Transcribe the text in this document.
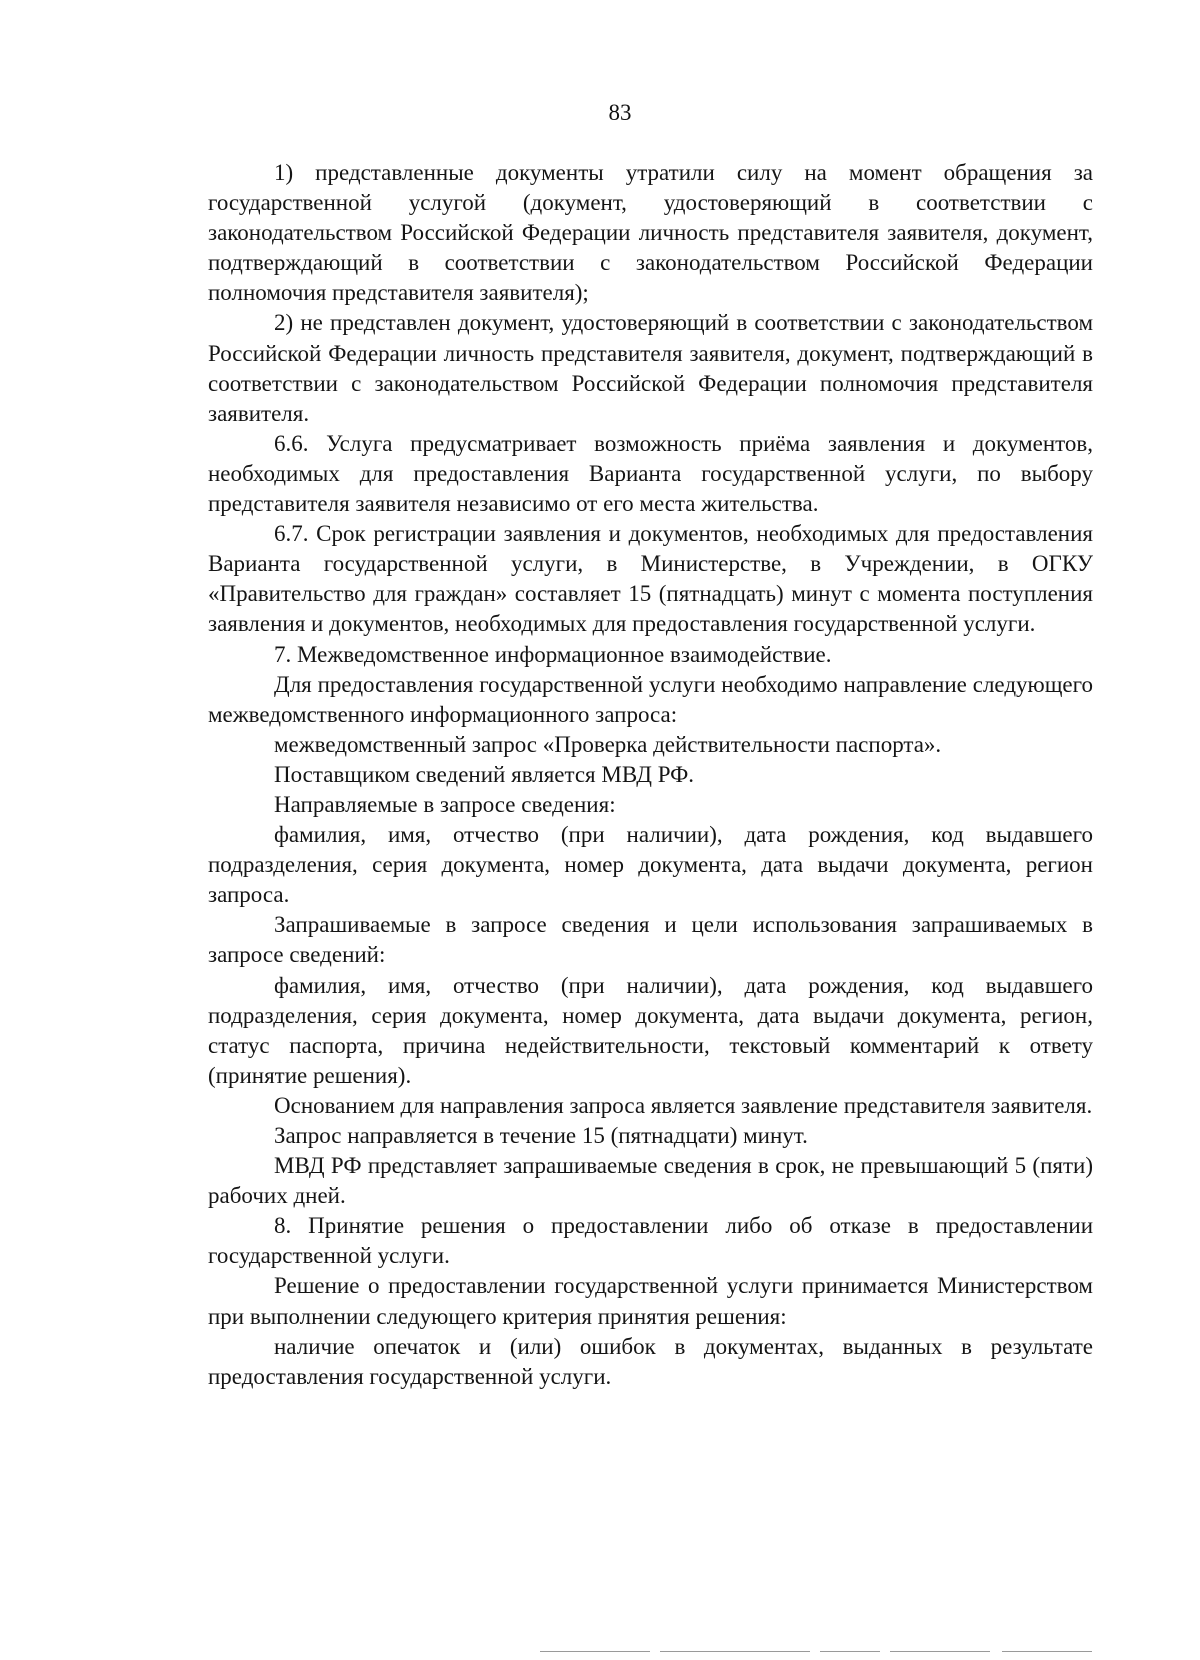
83

1) представленные документы утратили силу на момент обращения за государственной услугой (документ, удостоверяющий в соответствии с законодательством Российской Федерации личность представителя заявителя, документ, подтверждающий в соответствии с законодательством Российской Федерации полномочия представителя заявителя);

2) не представлен документ, удостоверяющий в соответствии с законодательством Российской Федерации личность представителя заявителя, документ, подтверждающий в соответствии с законодательством Российской Федерации полномочия представителя заявителя.

6.6. Услуга предусматривает возможность приёма заявления и документов, необходимых для предоставления Варианта государственной услуги, по выбору представителя заявителя независимо от его места жительства.

6.7. Срок регистрации заявления и документов, необходимых для предоставления Варианта государственной услуги, в Министерстве, в Учреждении, в ОГКУ «Правительство для граждан» составляет 15 (пятнадцать) минут с момента поступления заявления и документов, необходимых для предоставления государственной услуги.

7. Межведомственное информационное взаимодействие.

Для предоставления государственной услуги необходимо направление следующего межведомственного информационного запроса:

межведомственный запрос «Проверка действительности паспорта».

Поставщиком сведений является МВД РФ.

Направляемые в запросе сведения:

фамилия, имя, отчество (при наличии), дата рождения, код выдавшего подразделения, серия документа, номер документа, дата выдачи документа, регион запроса.

Запрашиваемые в запросе сведения и цели использования запрашиваемых в запросе сведений:

фамилия, имя, отчество (при наличии), дата рождения, код выдавшего подразделения, серия документа, номер документа, дата выдачи документа, регион, статус паспорта, причина недействительности, текстовый комментарий к ответу (принятие решения).

Основанием для направления запроса является заявление представителя заявителя.

Запрос направляется в течение 15 (пятнадцати) минут.

МВД РФ представляет запрашиваемые сведения в срок, не превышающий 5 (пяти) рабочих дней.

8. Принятие решения о предоставлении либо об отказе в предоставлении государственной услуги.

Решение о предоставлении государственной услуги принимается Министерством при выполнении следующего критерия принятия решения:

наличие опечаток и (или) ошибок в документах, выданных в результате предоставления государственной услуги.
